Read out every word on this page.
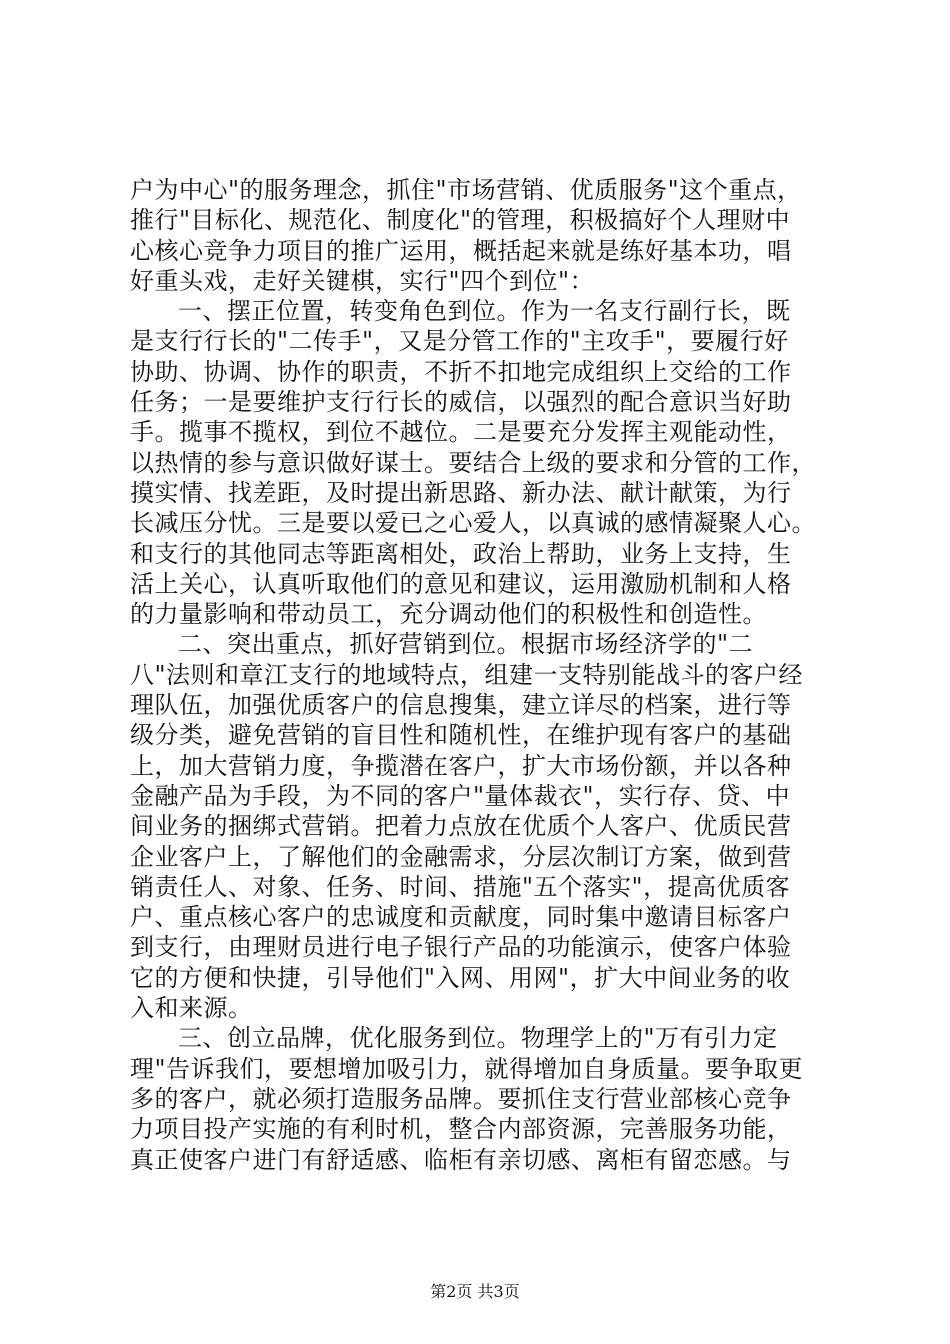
户为中心"的服务理念，抓住"市场营销、优质服务"这个重点，
推行"目标化、规范化、制度化"的管理，积极搞好个人理财中
心核心竞争力项目的推广运用，概括起来就是练好基本功，唱
好重头戏，走好关键棋，实行"四个到位"：
一、摆正位置，转变角色到位。作为一名支行副行长，既
是支行行长的"二传手"，又是分管工作的"主攻手"，要履行好
协助、协调、协作的职责，不折不扣地完成组织上交给的工作
任务；一是要维护支行行长的威信，以强烈的配合意识当好助
手。揽事不揽权，到位不越位。二是要充分发挥主观能动性，
以热情的参与意识做好谋士。要结合上级的要求和分管的工作，
摸实情、找差距，及时提出新思路、新办法、献计献策，为行
长减压分忧。三是要以爱已之心爱人，以真诚的感情凝聚人心。
和支行的其他同志等距离相处，政治上帮助，业务上支持，生
活上关心，认真听取他们的意见和建议，运用激励机制和人格
的力量影响和带动员工，充分调动他们的积极性和创造性。
二、突出重点，抓好营销到位。根据市场经济学的"二
八"法则和章江支行的地域特点，组建一支特别能战斗的客户经
理队伍，加强优质客户的信息搜集，建立详尽的档案，进行等
级分类，避免营销的盲目性和随机性，在维护现有客户的基础
上，加大营销力度，争揽潜在客户，扩大市场份额，并以各种
金融产品为手段，为不同的客户"量体裁衣"，实行存、贷、中
间业务的捆绑式营销。把着力点放在优质个人客户、优质民营
企业客户上，了解他们的金融需求，分层次制订方案，做到营
销责任人、对象、任务、时间、措施"五个落实"，提高优质客
户、重点核心客户的忠诚度和贡献度，同时集中邀请目标客户
到支行，由理财员进行电子银行产品的功能演示，使客户体验
它的方便和快捷，引导他们"入网、用网"，扩大中间业务的收
入和来源。
三、创立品牌，优化服务到位。物理学上的"万有引力定
理"告诉我们，要想增加吸引力，就得增加自身质量。要争取更
多的客户，就必须打造服务品牌。要抓住支行营业部核心竞争
力项目投产实施的有利时机，整合内部资源，完善服务功能，
真正使客户进门有舒适感、临柜有亲切感、离柜有留恋感。与
第2页 共3页
